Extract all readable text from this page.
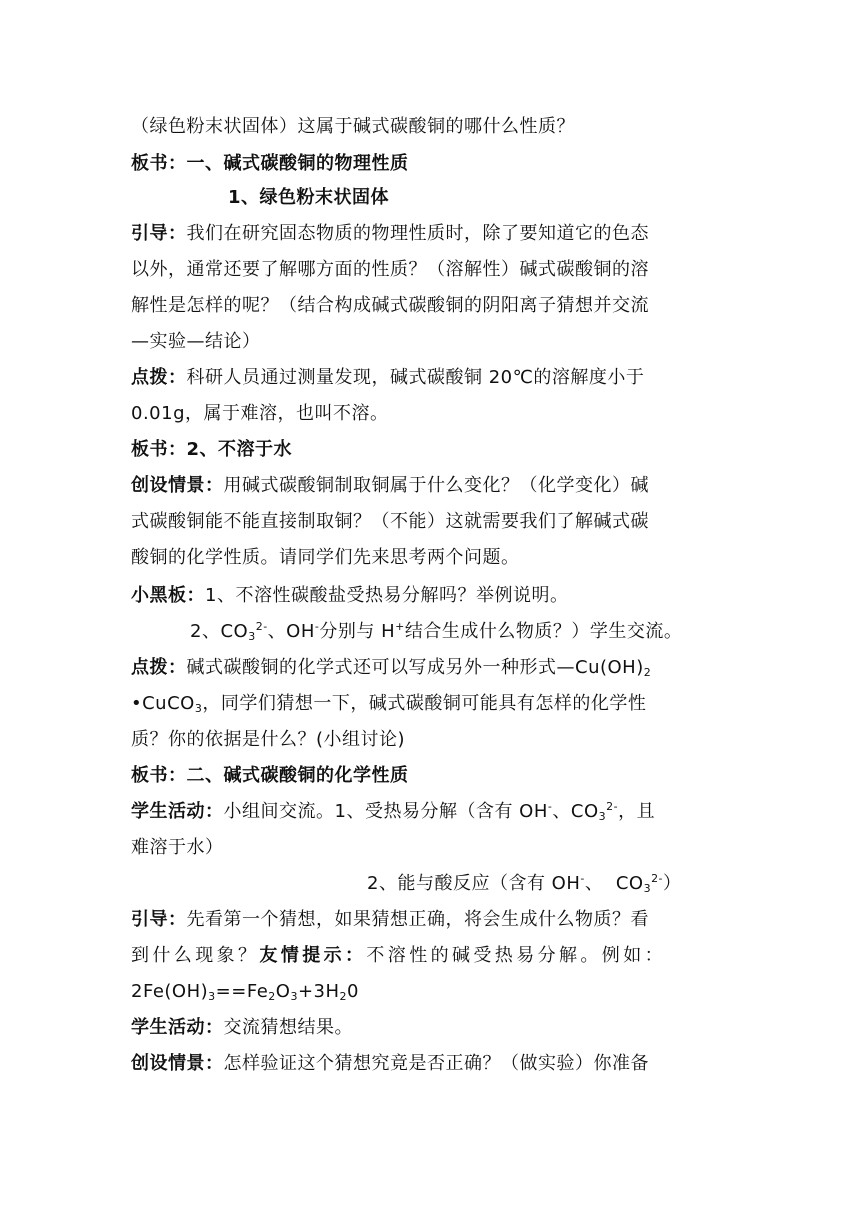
（绿色粉末状固体）这属于碱式碳酸铜的哪什么性质？
板书：一、碱式碳酸铜的物理性质
1、绿色粉末状固体
引导：我们在研究固态物质的物理性质时，除了要知道它的色态
以外，通常还要了解哪方面的性质？（溶解性）碱式碳酸铜的溶
解性是怎样的呢？（结合构成碱式碳酸铜的阴阳离子猜想并交流
—实验—结论）
点拨：科研人员通过测量发现，碱式碳酸铜 20℃的溶解度小于
0.01g，属于难溶，也叫不溶。
板书：2、不溶于水
创设情景：用碱式碳酸铜制取铜属于什么变化？（化学变化）碱
式碳酸铜能不能直接制取铜？（不能）这就需要我们了解碱式碳
酸铜的化学性质。请同学们先来思考两个问题。
小黑板：1、不溶性碳酸盐受热易分解吗？举例说明。
2、$CO_3^{2-}$、OH-分别与 H+结合生成什么物质？）学生交流。
点拨：碱式碳酸铜的化学式还可以写成另外一种形式$—Cu(OH)_2$
•CuCO$_3$，同学们猜想一下，碱式碳酸铜可能具有怎样的化学性
质？你的依据是什么？(小组讨论)
板书：二、碱式碳酸铜的化学性质
学生活动：小组间交流。1、受热易分解（含有 OH-、$CO_3^{2-}$，且
难溶于水）
2、能与酸反应（含有 OH-、  $CO_3^{2-}$）
引导：先看第一个猜想，如果猜想正确，将会生成什么物质？看
到什么现象？友情提示：不溶性的碱受热易分解。例如：
$2Fe(OH)_3==Fe_2O_3+3H_20$
学生活动：交流猜想结果。
创设情景：怎样验证这个猜想究竟是否正确？（做实验）你准备
